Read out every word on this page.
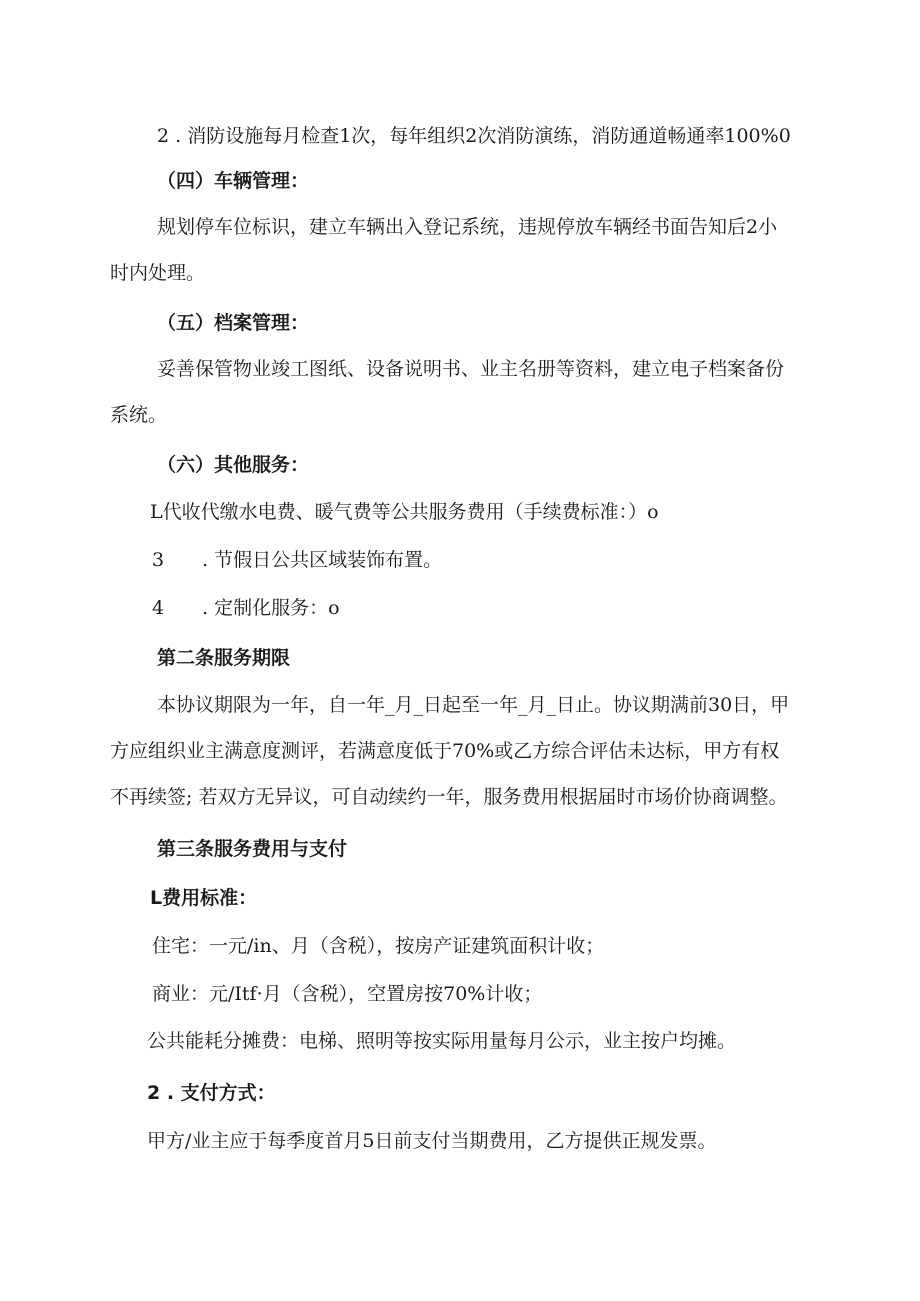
2 . 消防设施每月检查1次，每年组织2次消防演练，消防通道畅通率100%0
（四）车辆管理：
规划停车位标识，建立车辆出入登记系统，违规停放车辆经书面告知后2小
时内处理。
（五）档案管理：
妥善保管物业竣工图纸、设备说明书、业主名册等资料，建立电子档案备份
系统。
（六）其他服务：
L代收代缴水电费、暖气费等公共服务费用（手续费标准：）o
3　　. 节假日公共区域装饰布置。
4　　. 定制化服务：o
第二条服务期限
本协议期限为一年，自一年_月_日起至一年_月_日止。协议期满前30日，甲
方应组织业主满意度测评，若满意度低于70%或乙方综合评估未达标，甲方有权
不再续签; 若双方无异议，可自动续约一年，服务费用根据届时市场价协商调整。
第三条服务费用与支付
L费用标准：
住宅：一元/in、月（含税），按房产证建筑面积计收；
商业：元/Itf·月（含税），空置房按70%计收；
公共能耗分摊费：电梯、照明等按实际用量每月公示，业主按户均摊。
2 . 支付方式：
甲方/业主应于每季度首月5日前支付当期费用，乙方提供正规发票。
